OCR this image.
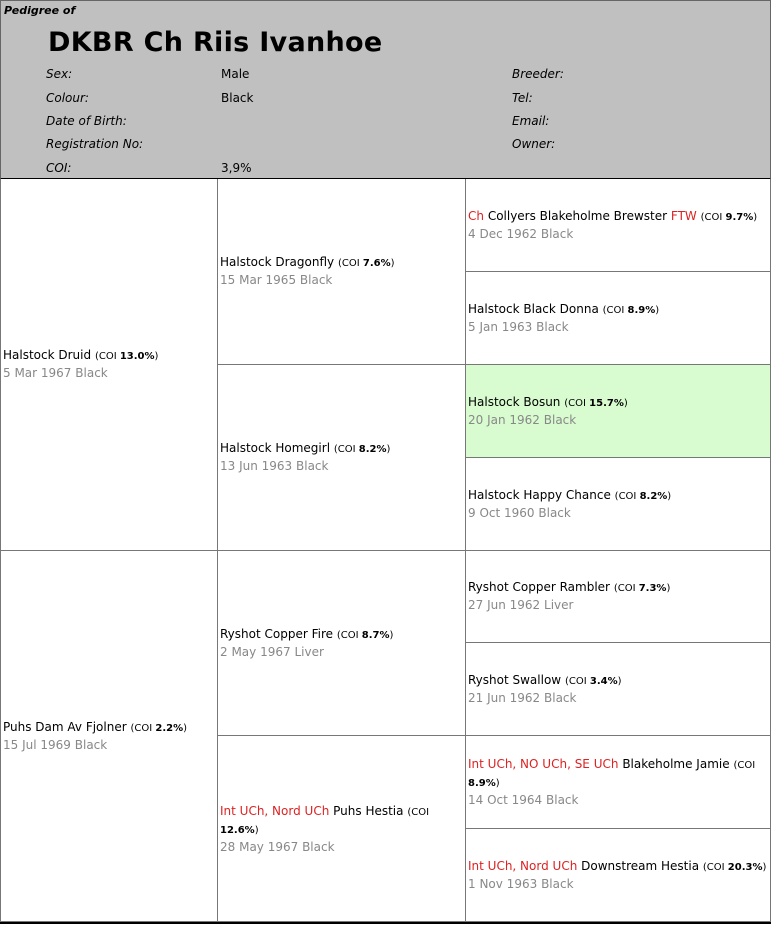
Pedigree of
DKBR Ch Riis Ivanhoe
Sex:	Male
Colour:	Black
Date of Birth:
Registration No:
COI:	3,9%
Breeder:
Tel:
Email:
Owner:
Halstock Druid (COI 13.0%)
5 Mar 1967 Black
Puhs Dam Av Fjolner (COI 2.2%)
15 Jul 1969 Black
Halstock Dragonfly (COI 7.6%)
15 Mar 1965 Black
Halstock Homegirl (COI 8.2%)
13 Jun 1963 Black
Ryshot Copper Fire (COI 8.7%)
2 May 1967 Liver
Int UCh, Nord UCh Puhs Hestia (COI 12.6%)
28 May 1967 Black
Ch Collyers Blakeholme Brewster FTW (COI 9.7%)
4 Dec 1962 Black
Halstock Black Donna (COI 8.9%)
5 Jan 1963 Black
Halstock Bosun (COI 15.7%)
20 Jan 1962 Black
Halstock Happy Chance (COI 8.2%)
9 Oct 1960 Black
Ryshot Copper Rambler (COI 7.3%)
27 Jun 1962 Liver
Ryshot Swallow (COI 3.4%)
21 Jun 1962 Black
Int UCh, NO UCh, SE UCh Blakeholme Jamie (COI 8.9%)
14 Oct 1964 Black
Int UCh, Nord UCh Downstream Hestia (COI 20.3%)
1 Nov 1963 Black
